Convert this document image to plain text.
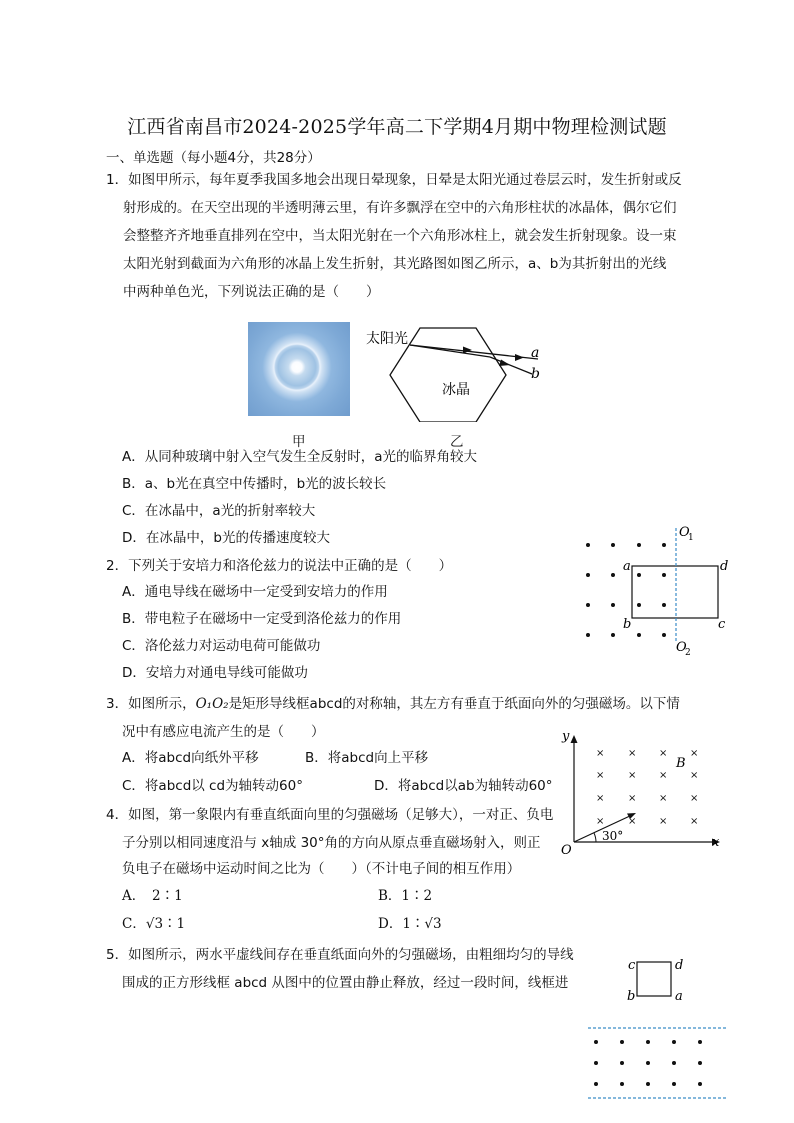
江西省南昌市2024-2025学年高二下学期4月期中物理检测试题
一、单选题（每小题4分，共28分）
1．如图甲所示，每年夏季我国多地会出现日晕现象，日晕是太阳光通过卷层云时，发生折射或反
射形成的。在天空出现的半透明薄云里，有许多飘浮在空中的六角形柱状的冰晶体，偶尔它们
会整整齐齐地垂直排列在空中，当太阳光射在一个六角形冰柱上，就会发生折射现象。设一束
太阳光射到截面为六角形的冰晶上发生折射，其光路图如图乙所示，a、b为其折射出的光线
中两种单色光，下列说法正确的是（　　）
太阳光
冰晶
a
b
甲	乙
A．从同种玻璃中射入空气发生全反射时，a光的临界角较大
B．a、b光在真空中传播时，b光的波长较长
C．在冰晶中，a光的折射率较大
D．在冰晶中，b光的传播速度较大
2．下列关于安培力和洛伦兹力的说法中正确的是（　　）
A．通电导线在磁场中一定受到安培力的作用
B．带电粒子在磁场中一定受到洛伦兹力的作用
C．洛伦兹力对运动电荷可能做功
D．安培力对通电导线可能做功
a
b	c
d
O
1
O
2
3．如图所示，O₁O₂是矩形导线框abcd的对称轴，其左方有垂直于纸面向外的匀强磁场。以下情
况中有感应电流产生的是（　　）
A．将abcd向纸外平移	B．将abcd向上平移
C．将abcd以 cd为轴转动60°	D．将abcd以ab为轴转动60°
4．如图，第一象限内有垂直纸面向里的匀强磁场（足够大），一对正、负电
子分别以相同速度沿与 x轴成 30°角的方向从原点垂直磁场射入，则正
负电子在磁场中运动时间之比为（　　）（不计电子间的相互作用）
A．　2∶1	B．1∶2
C．√3∶1	D．1∶√3
× × × ×
× × × ×
× × × ×
× × × ×
y
x
O
B
30°
5．如图所示，两水平虚线间存在垂直纸面向外的匀强磁场，由粗细均匀的导线
围成的正方形线框 abcd 从图中的位置由静止释放，经过一段时间，线框进
c	d
b	a
